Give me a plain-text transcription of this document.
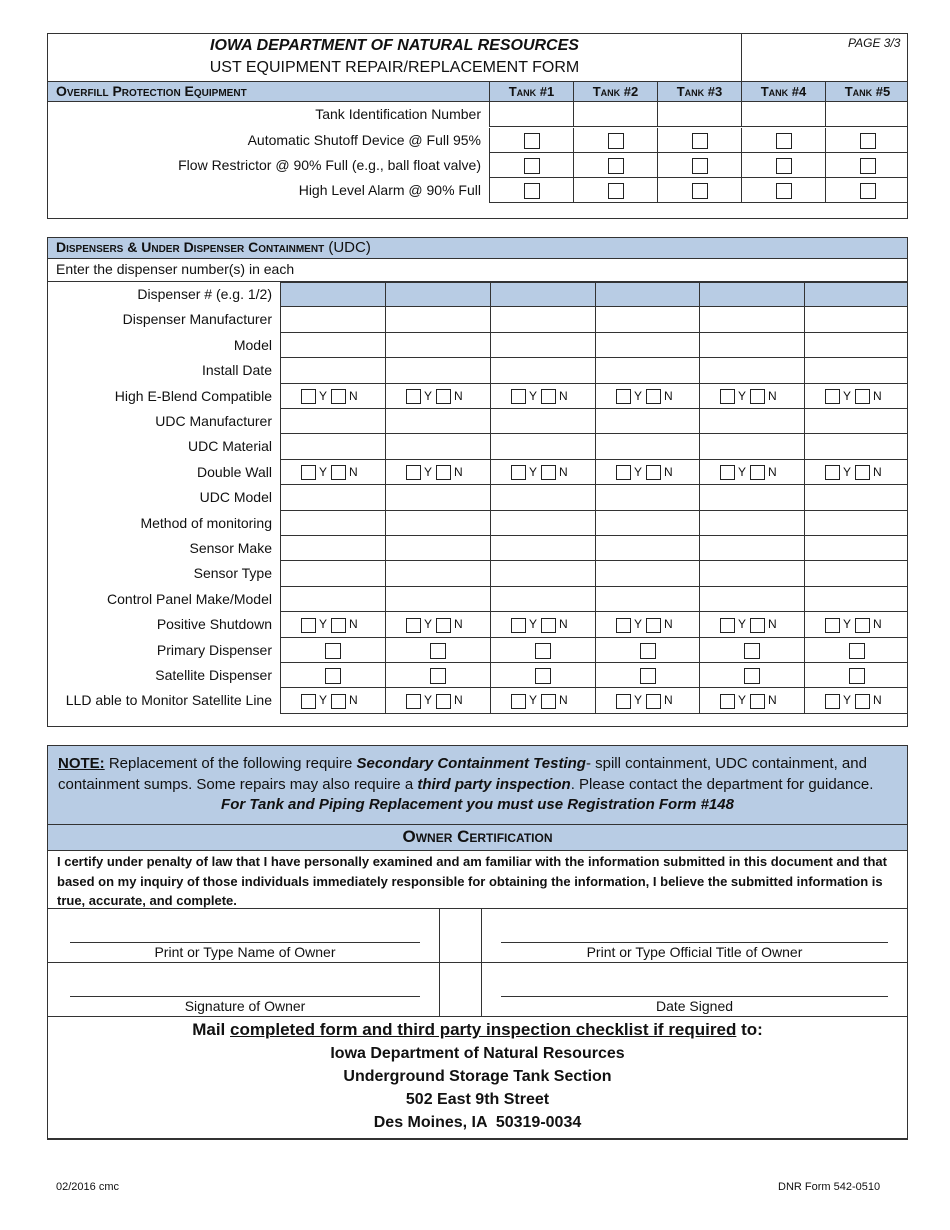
IOWA DEPARTMENT OF NATURAL RESOURCES
UST EQUIPMENT REPAIR/REPLACEMENT FORM
PAGE 3/3
Overfill Protection Equipment	Tank #1	Tank #2	Tank #3	Tank #4	Tank #5
Tank Identification Number
Automatic Shutoff Device @ Full 95%
Flow Restrictor @ 90% Full (e.g., ball float valve)
High Level Alarm @ 90% Full
Dispensers & Under Dispenser Containment (UDC)
Enter the dispenser number(s) in each
Dispenser # (e.g. 1/2)
Dispenser Manufacturer
Model
Install Date
High E-Blend Compatible	Y N	Y N	Y N	Y N	Y N	Y N
UDC Manufacturer
UDC Material
Double Wall	Y N	Y N	Y N	Y N	Y N	Y N
UDC Model
Method of monitoring
Sensor Make
Sensor Type
Control Panel Make/Model
Positive Shutdown	Y N	Y N	Y N	Y N	Y N	Y N
Primary Dispenser
Satellite Dispenser
LLD able to Monitor Satellite Line	Y N	Y N	Y N	Y N	Y N	Y N
NOTE: Replacement of the following require Secondary Containment Testing- spill containment, UDC containment, and containment sumps. Some repairs may also require a third party inspection. Please contact the department for guidance.
For Tank and Piping Replacement you must use Registration Form #148
Owner Certification
I certify under penalty of law that I have personally examined and am familiar with the information submitted in this document and that based on my inquiry of those individuals immediately responsible for obtaining the information, I believe the submitted information is true, accurate, and complete.
Print or Type Name of Owner	Print or Type Official Title of Owner
Signature of Owner	Date Signed
Mail completed form and third party inspection checklist if required to:
Iowa Department of Natural Resources
Underground Storage Tank Section
502 East 9th Street
Des Moines, IA  50319-0034
02/2016 cmc	DNR Form 542-0510
